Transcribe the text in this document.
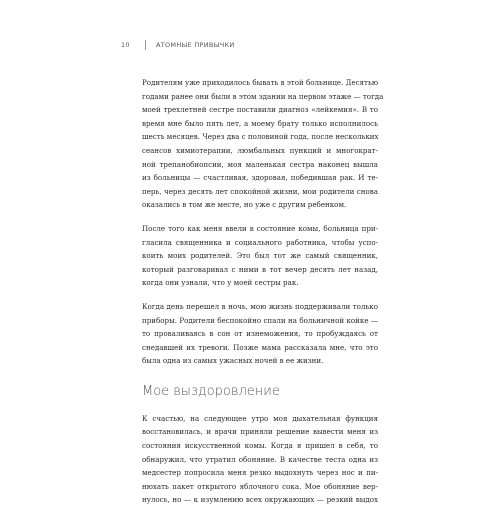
10	АТОМНЫЕ ПРИВЫЧКИ
Родителям уже приходилось бывать в этой больнице. Десятью
годами ранее они были в этом здании на первом этаже — тогда
моей трехлетней сестре поставили диагноз «лейкемия». В то
время мне было пять лет, а моему брату только исполнилось
шесть месяцев. Через два с половиной года, после нескольких
сеансов химиотерапии, люмбальных пункций и многократ-
ной трепанобиопсии, моя маленькая сестра наконец вышла
из больницы — счастливая, здоровая, победившая рак. И те-
перь, через десять лет спокойной жизни, мои родители снова
оказались в том же месте, но уже с другим ребенком.
После того как меня ввели в состояние комы, больница при-
гласила священника и социального работника, чтобы успо-
коить моих родителей. Это был тот же самый священник,
который разговаривал с ними в тот вечер десять лет назад,
когда они узнали, что у моей сестры рак.
Когда день перешел в ночь, мою жизнь поддерживали только
приборы. Родители беспокойно спали на больничной койке —
то проваливаясь в сон от изнеможения, то пробуждаясь от
снедавшей их тревоги. Позже мама рассказала мне, что это
была одна из самых ужасных ночей в ее жизни.
Мое выздоровление
К счастью, на следующее утро моя дыхательная функция
восстановилась, и врачи приняли решение вывести меня из
состояния искусственной комы. Когда я пришел в себя, то
обнаружил, что утратил обоняние. В качестве теста одна из
медсестер попросила меня резко выдохнуть через нос и пи-
нюхать пакет открытого яблочного сока. Мое обоняние вер-
нулось, но — к изумлению всех окружающих — резкий выдох
